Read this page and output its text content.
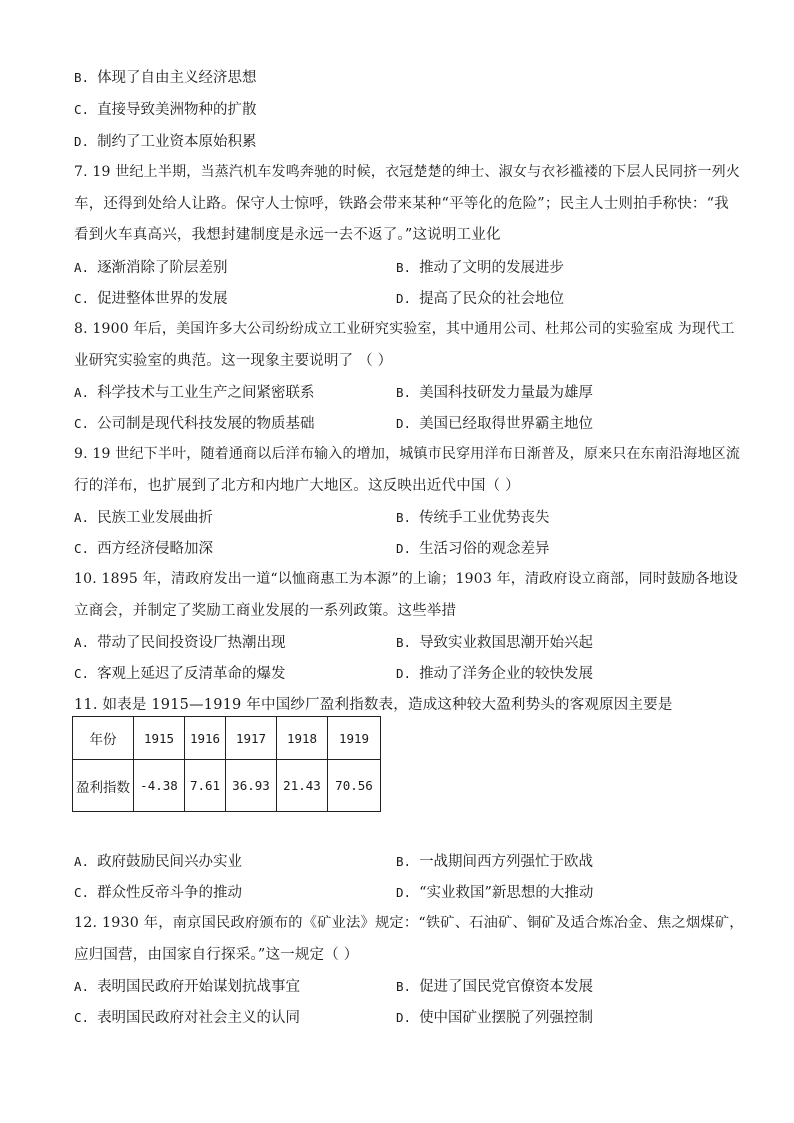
B. 体现了自由主义经济思想
C. 直接导致美洲物种的扩散
D. 制约了工业资本原始积累
7. 19 世纪上半期，当蒸汽机车发鸣奔驰的时候，衣冠楚楚的绅士、淑女与衣衫褴褛的下层人民同挤一列火
车，还得到处给人让路。保守人士惊呼，铁路会带来某种“平等化的危险”；民主人士则拍手称快：“我
看到火车真高兴，我想封建制度是永远一去不返了。”这说明工业化
A. 逐渐消除了阶层差别	B. 推动了文明的发展进步
C. 促进整体世界的发展	D. 提高了民众的社会地位
8. 1900 年后，美国许多大公司纷纷成立工业研究实验室，其中通用公司、杜邦公司的实验室成 为现代工
业研究实验室的典范。这一现象主要说明了 （ ）
A. 科学技术与工业生产之间紧密联系	B. 美国科技研发力量最为雄厚
C. 公司制是现代科技发展的物质基础	D. 美国已经取得世界霸主地位
9. 19 世纪下半叶，随着通商以后洋布输入的增加，城镇市民穿用洋布日渐普及，原来只在东南沿海地区流
行的洋布，也扩展到了北方和内地广大地区。这反映出近代中国（ ）
A. 民族工业发展曲折	B. 传统手工业优势丧失
C. 西方经济侵略加深	D. 生活习俗的观念差异
10. 1895 年，清政府发出一道“以恤商惠工为本源”的上谕；1903 年，清政府设立商部，同时鼓励各地设
立商会，并制定了奖励工商业发展的一系列政策。这些举措
A. 带动了民间投资设厂热潮出现	B. 导致实业救国思潮开始兴起
C. 客观上延迟了反清革命的爆发	D. 推动了洋务企业的较快发展
11. 如表是 1915—1919 年中国纱厂盈利指数表，造成这种较大盈利势头的客观原因主要是
年份	1915	1916	1917	1918	1919
盈利指数	-4.38	7.61	36.93	21.43	70.56
A. 政府鼓励民间兴办实业	B. 一战期间西方列强忙于欧战
C. 群众性反帝斗争的推动	D. “实业救国”新思想的大推动
12. 1930 年，南京国民政府颁布的《矿业法》规定：“铁矿、石油矿、铜矿及适合炼冶金、焦之烟煤矿，
应归国营，由国家自行探采。”这一规定（ ）
A. 表明国民政府开始谋划抗战事宜	B. 促进了国民党官僚资本发展
C. 表明国民政府对社会主义的认同	D. 使中国矿业摆脱了列强控制
